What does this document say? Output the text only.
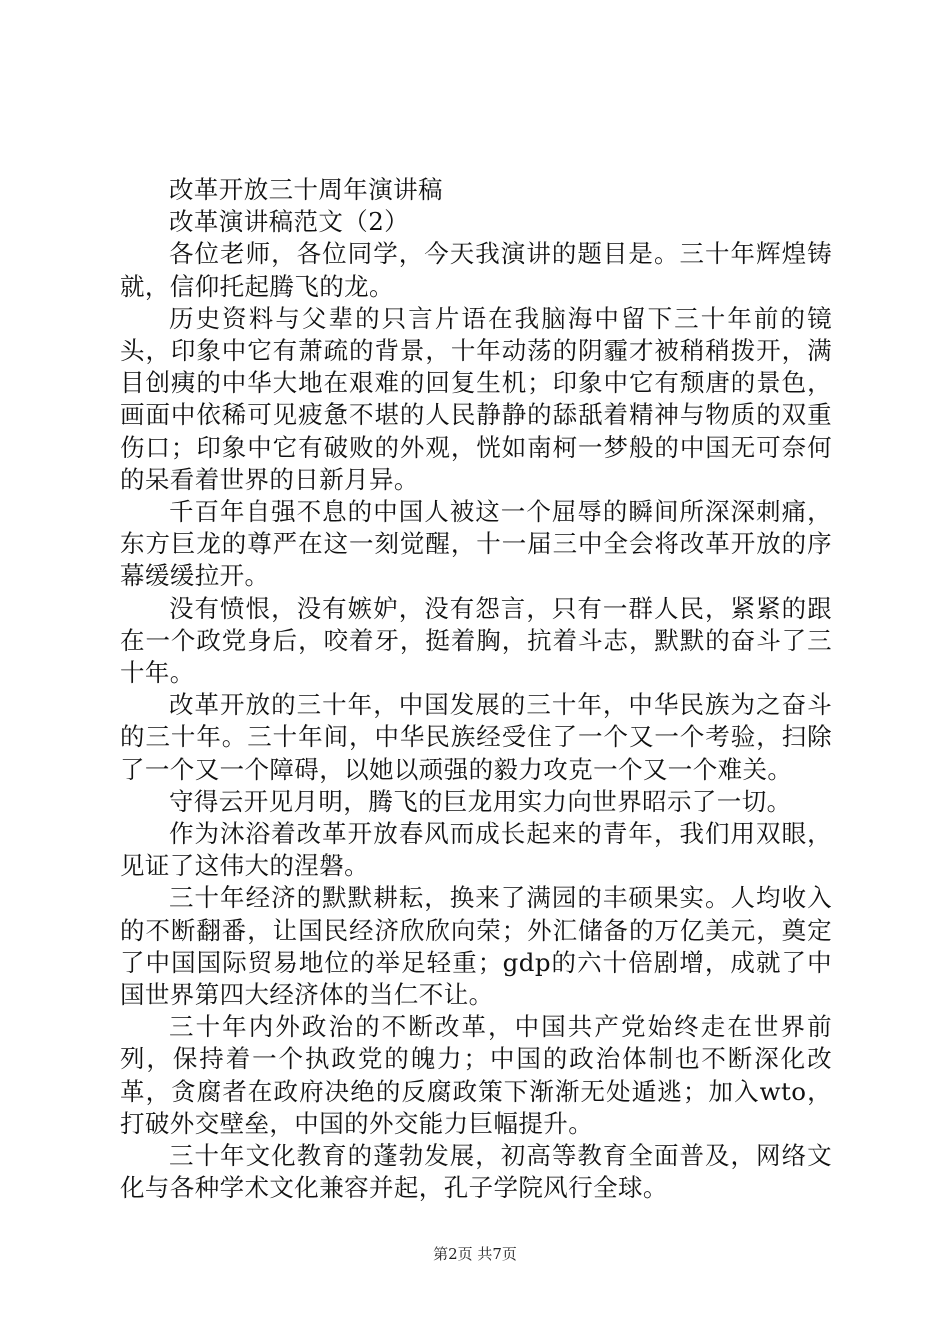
改革开放三十周年演讲稿

改革演讲稿范文（2）

各位老师，各位同学，今天我演讲的题目是。三十年辉煌铸就，信仰托起腾飞的龙。

历史资料与父辈的只言片语在我脑海中留下三十年前的镜头，印象中它有萧疏的背景，十年动荡的阴霾才被稍稍拨开，满目创痍的中华大地在艰难的回复生机；印象中它有颓唐的景色，画面中依稀可见疲惫不堪的人民静静的舔舐着精神与物质的双重伤口；印象中它有破败的外观，恍如南柯一梦般的中国无可奈何的呆看着世界的日新月异。

千百年自强不息的中国人被这一个屈辱的瞬间所深深刺痛，东方巨龙的尊严在这一刻觉醒，十一届三中全会将改革开放的序幕缓缓拉开。

没有愤恨，没有嫉妒，没有怨言，只有一群人民，紧紧的跟在一个政党身后，咬着牙，挺着胸，抗着斗志，默默的奋斗了三十年。

改革开放的三十年，中国发展的三十年，中华民族为之奋斗的三十年。三十年间，中华民族经受住了一个又一个考验，扫除了一个又一个障碍，以她以顽强的毅力攻克一个又一个难关。

守得云开见月明，腾飞的巨龙用实力向世界昭示了一切。

作为沐浴着改革开放春风而成长起来的青年，我们用双眼，见证了这伟大的涅磐。

三十年经济的默默耕耘，换来了满园的丰硕果实。人均收入的不断翻番，让国民经济欣欣向荣；外汇储备的万亿美元，奠定了中国国际贸易地位的举足轻重；gdp的六十倍剧增，成就了中国世界第四大经济体的当仁不让。

三十年内外政治的不断改革，中国共产党始终走在世界前列，保持着一个执政党的魄力；中国的政治体制也不断深化改革，贪腐者在政府决绝的反腐政策下渐渐无处遁逃；加入wto，打破外交壁垒，中国的外交能力巨幅提升。

三十年文化教育的蓬勃发展，初高等教育全面普及，网络文化与各种学术文化兼容并起，孔子学院风行全球。

第2页 共7页
